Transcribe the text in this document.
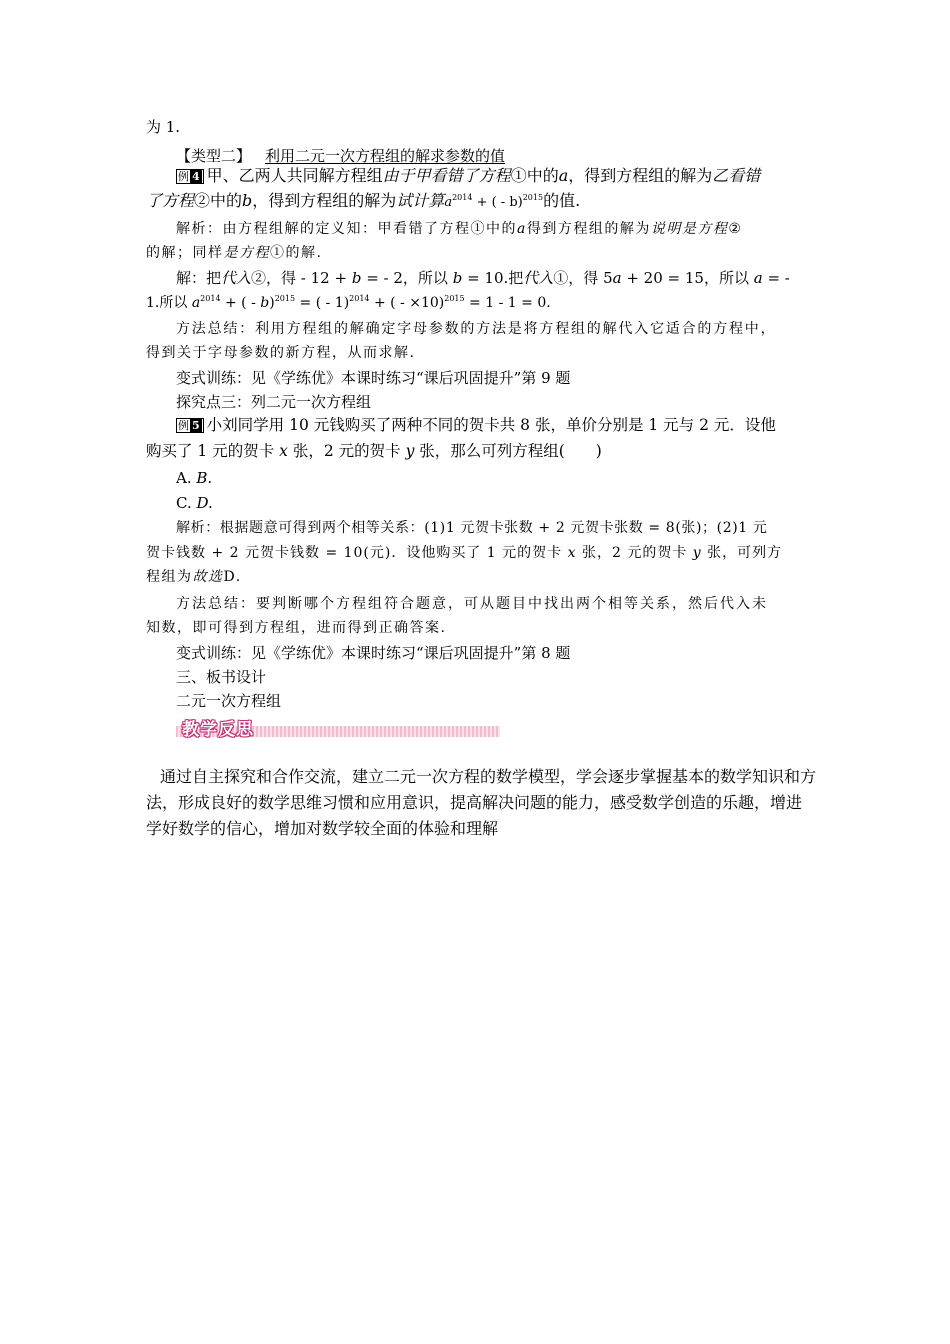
为 1.
【类型二】 利用二元一次方程组的解求参数的值
例 4 甲、乙两人共同解方程组由于甲看错了方程①中的a，得到方程组的解为乙看错
了方程②中的b，得到方程组的解为试计算$a^{2014}$ + ( - b)$^{2015}$的值.
解析：由方程组解的定义知：甲看错了方程①中的a得到方程组的解为说明是方程②
的解；同样是方程①的解.
解：把代入②，得 - 12 + b = - 2，所以 b = 10.把代入①，得 5a + 20 = 15，所以 a = -
1.所以 $a^{2014}$ + ( - b)$^{2015}$ = ( - 1)$^{2014}$ + ( - ×10)$^{2015}$ = 1 - 1 = 0.
方法总结：利用方程组的解确定字母参数的方法是将方程组的解代入它适合的方程中，
得到关于字母参数的新方程，从而求解.
变式训练：见《学练优》本课时练习“课后巩固提升”第 9 题
探究点三：列二元一次方程组
例 5 小刘同学用 10 元钱购买了两种不同的贺卡共 8 张，单价分别是 1 元与 2 元．设他
购买了 1 元的贺卡 x 张，2 元的贺卡 y 张，那么可列方程组(　　)
A. B.
C. D.
解析：根据题意可得到两个相等关系：(1)1 元贺卡张数 + 2 元贺卡张数 = 8(张)；(2)1 元
贺卡钱数 + 2 元贺卡钱数 = 10(元)．设他购买了 1 元的贺卡 x 张，2 元的贺卡 y 张，可列方
程组为故选D.
方法总结：要判断哪个方程组符合题意，可从题目中找出两个相等关系，然后代入未
知数，即可得到方程组，进而得到正确答案.
变式训练：见《学练优》本课时练习“课后巩固提升”第 8 题
三、板书设计
二元一次方程组
教学反思
通过自主探究和合作交流，建立二元一次方程的数学模型，学会逐步掌握基本的数学知识和方法，形成良好的数学思维习惯和应用意识，提高解决问题的能力，感受数学创造的乐趣，增进学好数学的信心，增加对数学较全面的体验和理解
